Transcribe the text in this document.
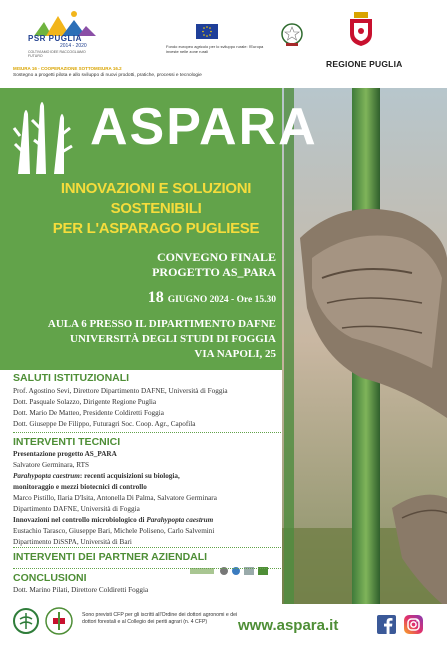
PSR PUGLIA
2014 - 2020
COLTIVIAMO IDEE RACCOGLIAMO FUTURO
Fondo europeo agricolo per lo sviluppo rurale: l'Europa investe nelle zone rurali
REGIONE PUGLIA
MISURA 16 - COOPERAZIONE SOTTOMISURA 16.2
Sostegno a progetti pilota e allo sviluppo di nuovi prodotti, pratiche, processi e tecnologie
ASPARA
INNOVAZIONI E SOLUZIONI SOSTENIBILI
PER L'ASPARAGO PUGLIESE
CONVEGNO FINALE
PROGETTO AS_PARA
18 GIUGNO 2024 - Ore 15.30
AULA 6 PRESSO IL DIPARTIMENTO DAFNE
UNIVERSITÀ DEGLI STUDI DI FOGGIA
VIA NAPOLI, 25
SALUTI ISTITUZIONALI
Prof. Agostino Sevi, Direttore Dipartimento DAFNE, Università di Foggia
Dott. Pasquale Solazzo, Dirigente Regione Puglia
Dott. Mario De Matteo, Presidente Coldiretti Foggia
Dott. Giuseppe De Filippo, Futuragri Soc. Coop. Agr., Capofila
INTERVENTI TECNICI
Presentazione progetto AS_PARA
Salvatore Germinara, RTS
Parahypopta caestrum: recenti acquisizioni su biologia,
monitoraggio e mezzi biotecnici di controllo
Marco Pistillo, Ilaria D'Isita, Antonella Di Palma, Salvatore Germinara
Dipartimento DAFNE, Università di Foggia
Innovazioni nel controllo microbiologico di Parahypopta caestrum
Eustachio Tarasco, Giuseppe Bari, Michele Poliseno, Carlo Salvemini
Dipartimento DiSSPA, Università di Bari
INTERVENTI DEI PARTNER AZIENDALI
CONCLUSIONI
Dott. Marino Pilati, Direttore Coldiretti Foggia
Sono previsti CFP per gli iscritti all'Ordine dei dottori agronomi e dei dottori forestali e al Collegio dei periti agrari (n. 4 CFP)	www.aspara.it
